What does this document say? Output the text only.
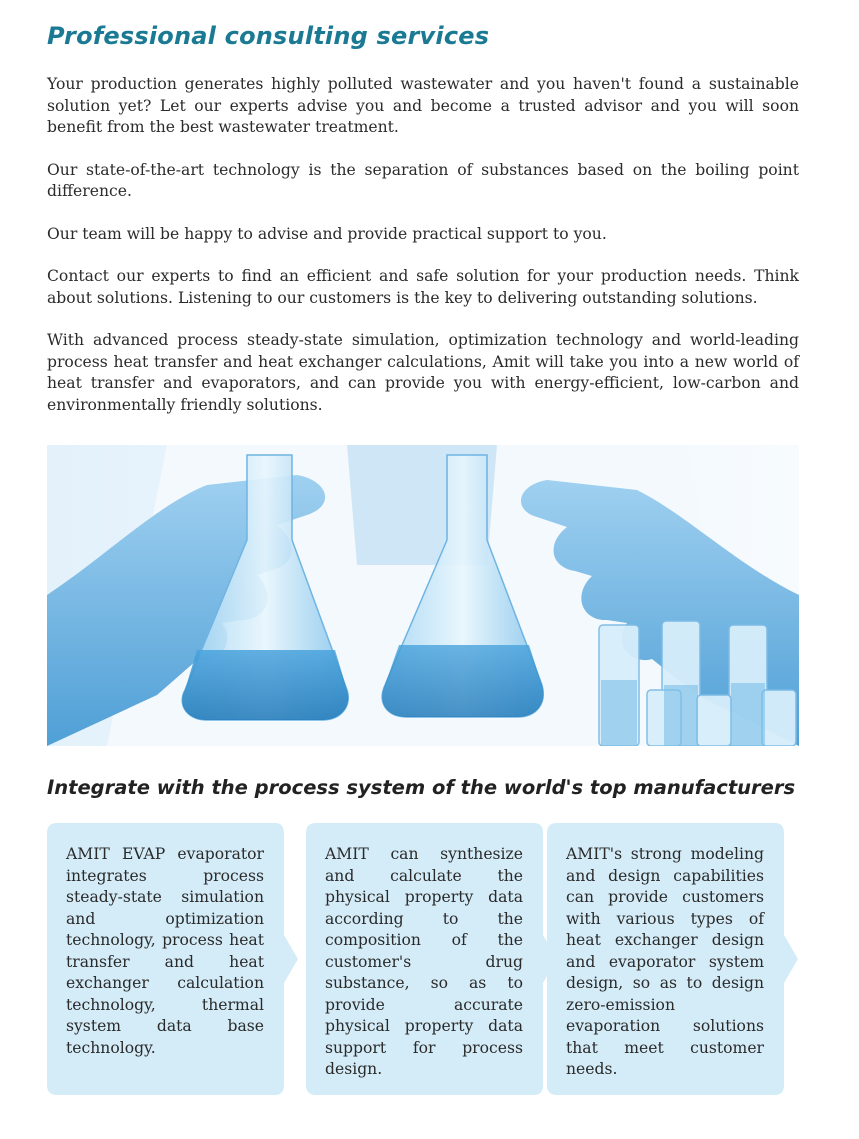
Professional consulting services

Your production generates highly polluted wastewater and you haven't found a sustainable solution yet? Let our experts advise you and become a trusted advisor and you will soon benefit from the best wastewater treatment.

Our state-of-the-art technology is the separation of substances based on the boiling point difference.

Our team will be happy to advise and provide practical support to you.

Contact our experts to find an efficient and safe solution for your production needs. Think about solutions. Listening to our customers is the key to delivering outstanding solutions.

With advanced process steady-state simulation, optimization technology and world-leading process heat transfer and heat exchanger calculations, Amit will take you into a new world of heat transfer and evaporators, and can provide you with energy-efficient, low-carbon and environmentally friendly solutions.

Integrate with the process system of the world's top manufacturers
AMIT EVAP evaporator integrates process steady-state simulation and optimization technology, process heat transfer and heat exchanger calculation technology, thermal system data base technology.
AMIT can synthesize and calculate the physical property data according to the composition of the customer's drug substance, so as to provide accurate physical property data support for process design.
AMIT's strong modeling and design capabilities can provide customers with various types of heat exchanger design and evaporator system design, so as to design zero-emission evaporation solutions that meet customer needs.
